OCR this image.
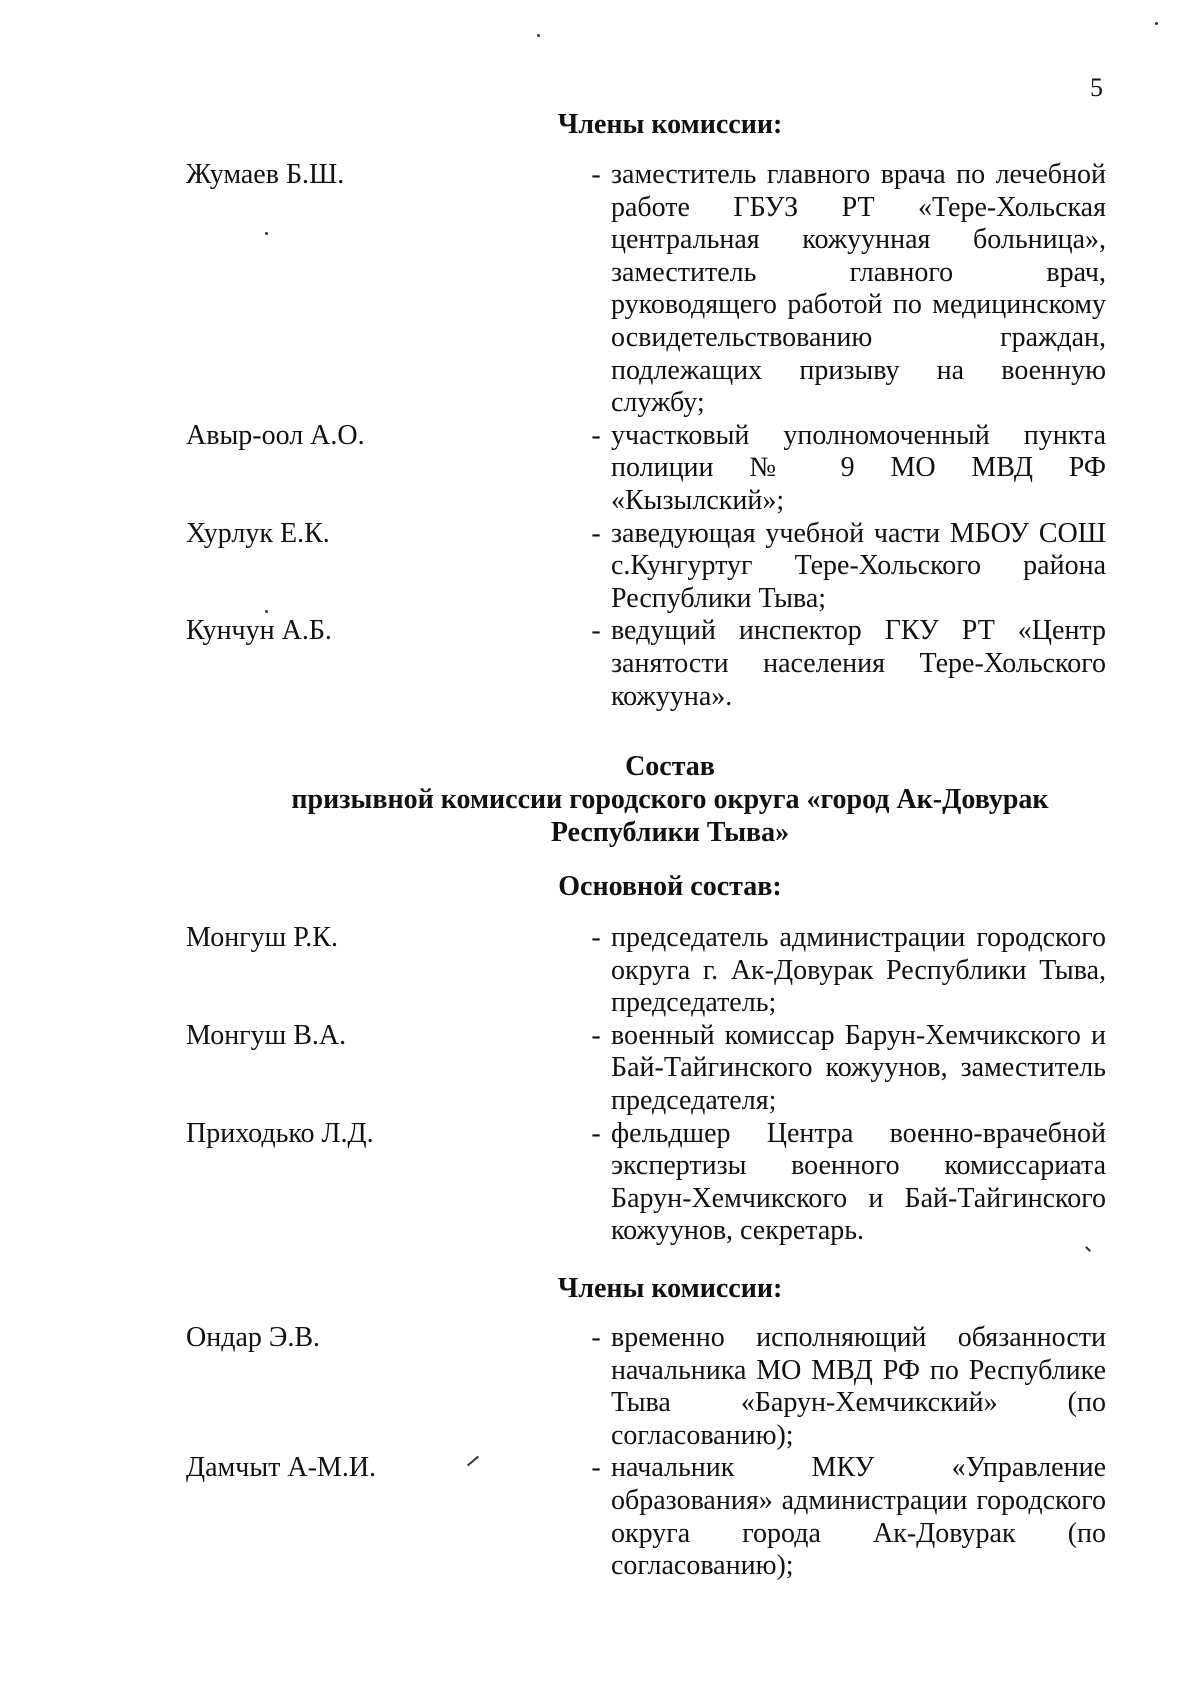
5
Члены комиссии:
Жумаев Б.Ш.	- заместитель главного врача по лечебной работе ГБУЗ РТ «Тере-Хольская центральная кожуунная больница», заместитель главного врач, руководящего работой по медицинскому освидетельствованию граждан, подлежащих призыву на военную службу;
Авыр-оол А.О.	- участковый уполномоченный пункта полиции № 9 МО МВД РФ «Кызылский»;
Хурлук Е.К.	- заведующая учебной части МБОУ СОШ с.Кунгуртуг Тере-Хольского района Республики Тыва;
Кунчун А.Б.	- ведущий инспектор ГКУ РТ «Центр занятости населения Тере-Хольского кожууна».
Состав
призывной комиссии городского округа «город Ак-Довурак
Республики Тыва»
Основной состав:
Монгуш Р.К.	- председатель администрации городского округа г. Ак-Довурак Республики Тыва, председатель;
Монгуш В.А.	- военный комиссар Барун-Хемчикского и Бай-Тайгинского кожуунов, заместитель председателя;
Приходько Л.Д.	- фельдшер Центра военно-врачебной экспертизы военного комиссариата Барун-Хемчикского и Бай-Тайгинского кожуунов, секретарь.
Члены комиссии:
Ондар Э.В.	- временно исполняющий обязанности начальника МО МВД РФ по Республике Тыва «Барун-Хемчикский» (по согласованию);
Дамчыт А-М.И.	- начальник МКУ «Управление образования» администрации городского округа города Ак-Довурак (по согласованию);
